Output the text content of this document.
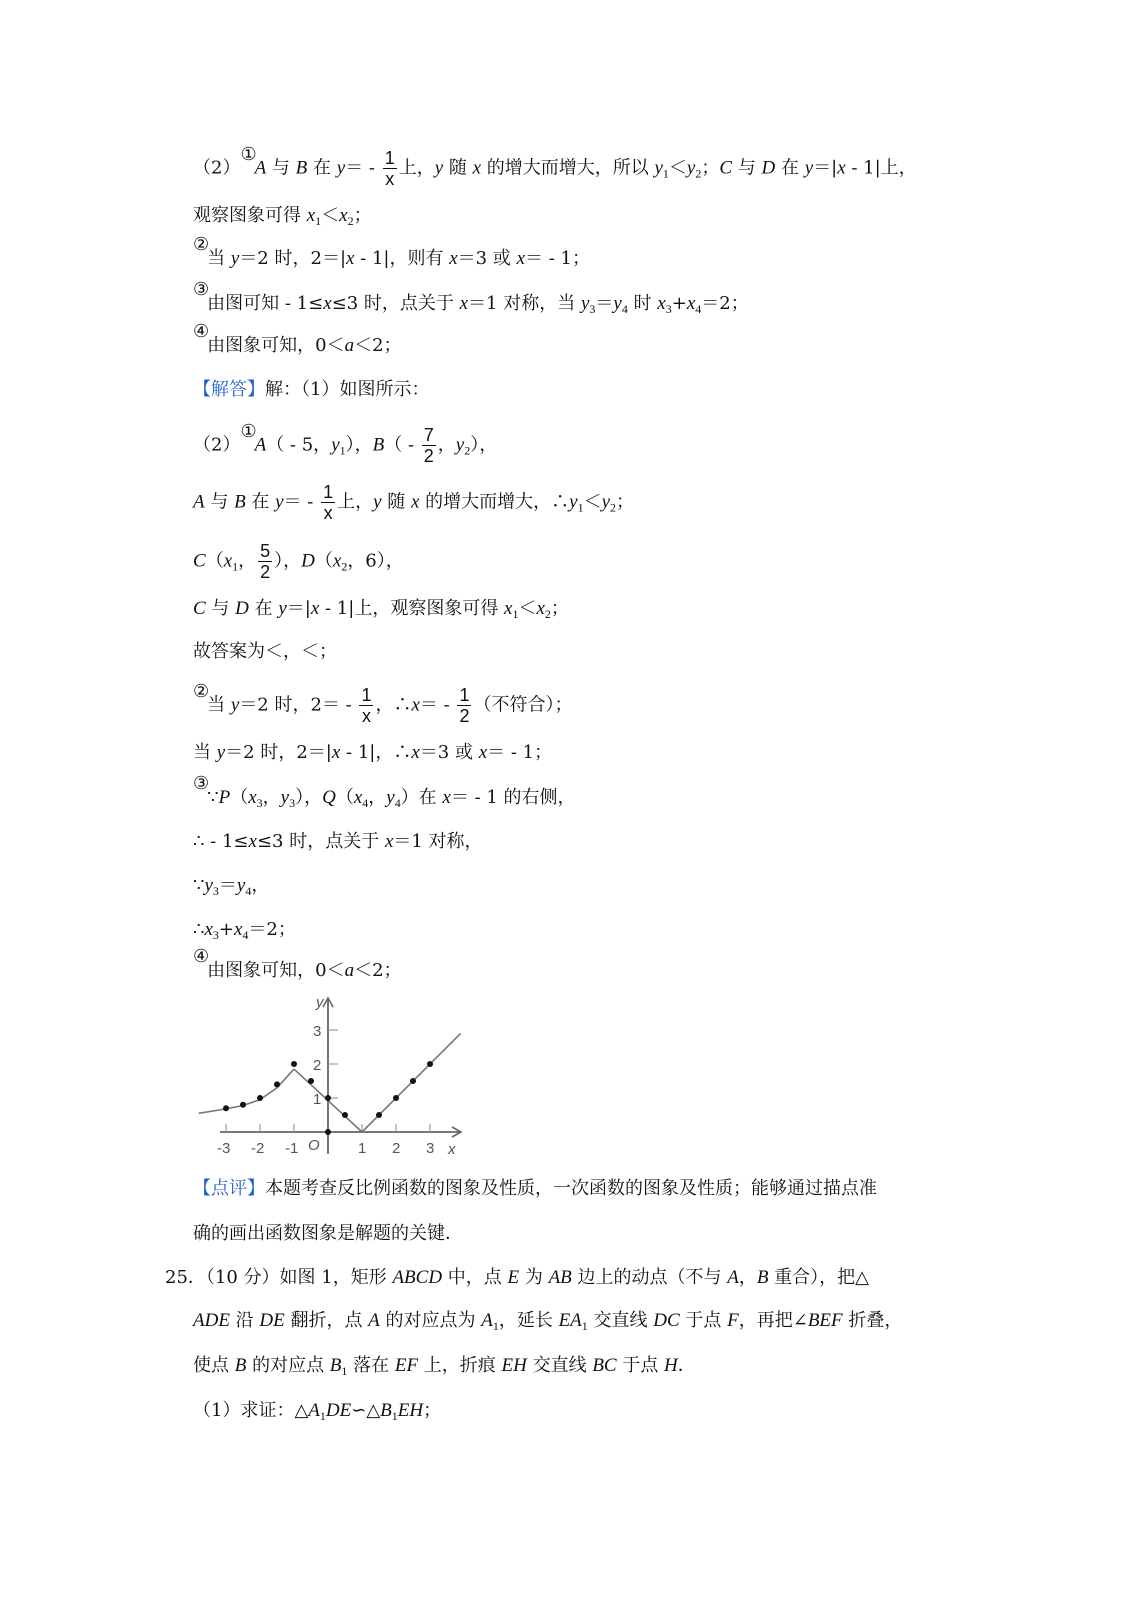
（2）①A 与 B 在 $y= - \frac{1}{x}$ 上，y 随 x 的增大而增大，所以 $y_1<y_2$；C 与 D 在 y＝|x - 1|上，
观察图象可得 $x_1<x_2$；
②当 y＝2 时，2＝|x - 1|，则有 x＝3 或 x＝ - 1；
③由图可知 - 1≤x≤3 时，点关于 x＝1 对称，当 $y_3=y_4$ 时 $x_3+x_4=2$；
④由图象可知，0＜a＜2；
【解答】解：（1）如图所示：
（2）①A（ - 5，$y_1$），$B( - \frac{7}{2}$ ，$y_2$），
A 与 B 在 $y= - \frac{1}{x}$ 上，y 随 x 的增大而增大，$\therefore y_1<y_2$；
$C(x_1$， $\frac{5}{2}$ ），$D(x_2$，6），
C 与 D 在 y＝|x - 1|上，观察图象可得 $x_1<x_2$；
故答案为＜，＜；
②当 y＝2 时，$2= - \frac{1}{x}$ ，∴x＝ - $\frac{1}{2}$ （不符合）；
当 y＝2 时，2＝|x - 1|，∴x＝3 或 x＝ - 1；
$③\because P(x_3$，$y_3$），$Q(x_4$，$y_4$）在 x＝ - 1 的右侧，
∴ - 1≤x≤3 时，点关于 x＝1 对称，
$\because y_3=y_4$，
$\therefore x_3+x_4=2$；
④由图象可知，0＜a＜2；
【点评】本题考查反比例函数的图象及性质，一次函数的图象及性质；能够通过描点准
确的画出函数图象是解题的关键．
25．（10 分）如图 1，矩形 ABCD 中，点 E 为 AB 边上的动点（不与 A，B 重合），把△
ADE 沿 DE 翻折，点 A 的对应点为 $A_1$，延长 $EA_1$ 交直线 DC 于点 F，再把∠BEF 折叠，
使点 B 的对应点 $B_1$ 落在 EF 上，折痕 EH 交直线 BC 于点 H．
（1）求证：$\triangle A_1DE∽\triangle B_1EH$；
-3 -2 -1	1 2 3
1
2
3
y
x
O
